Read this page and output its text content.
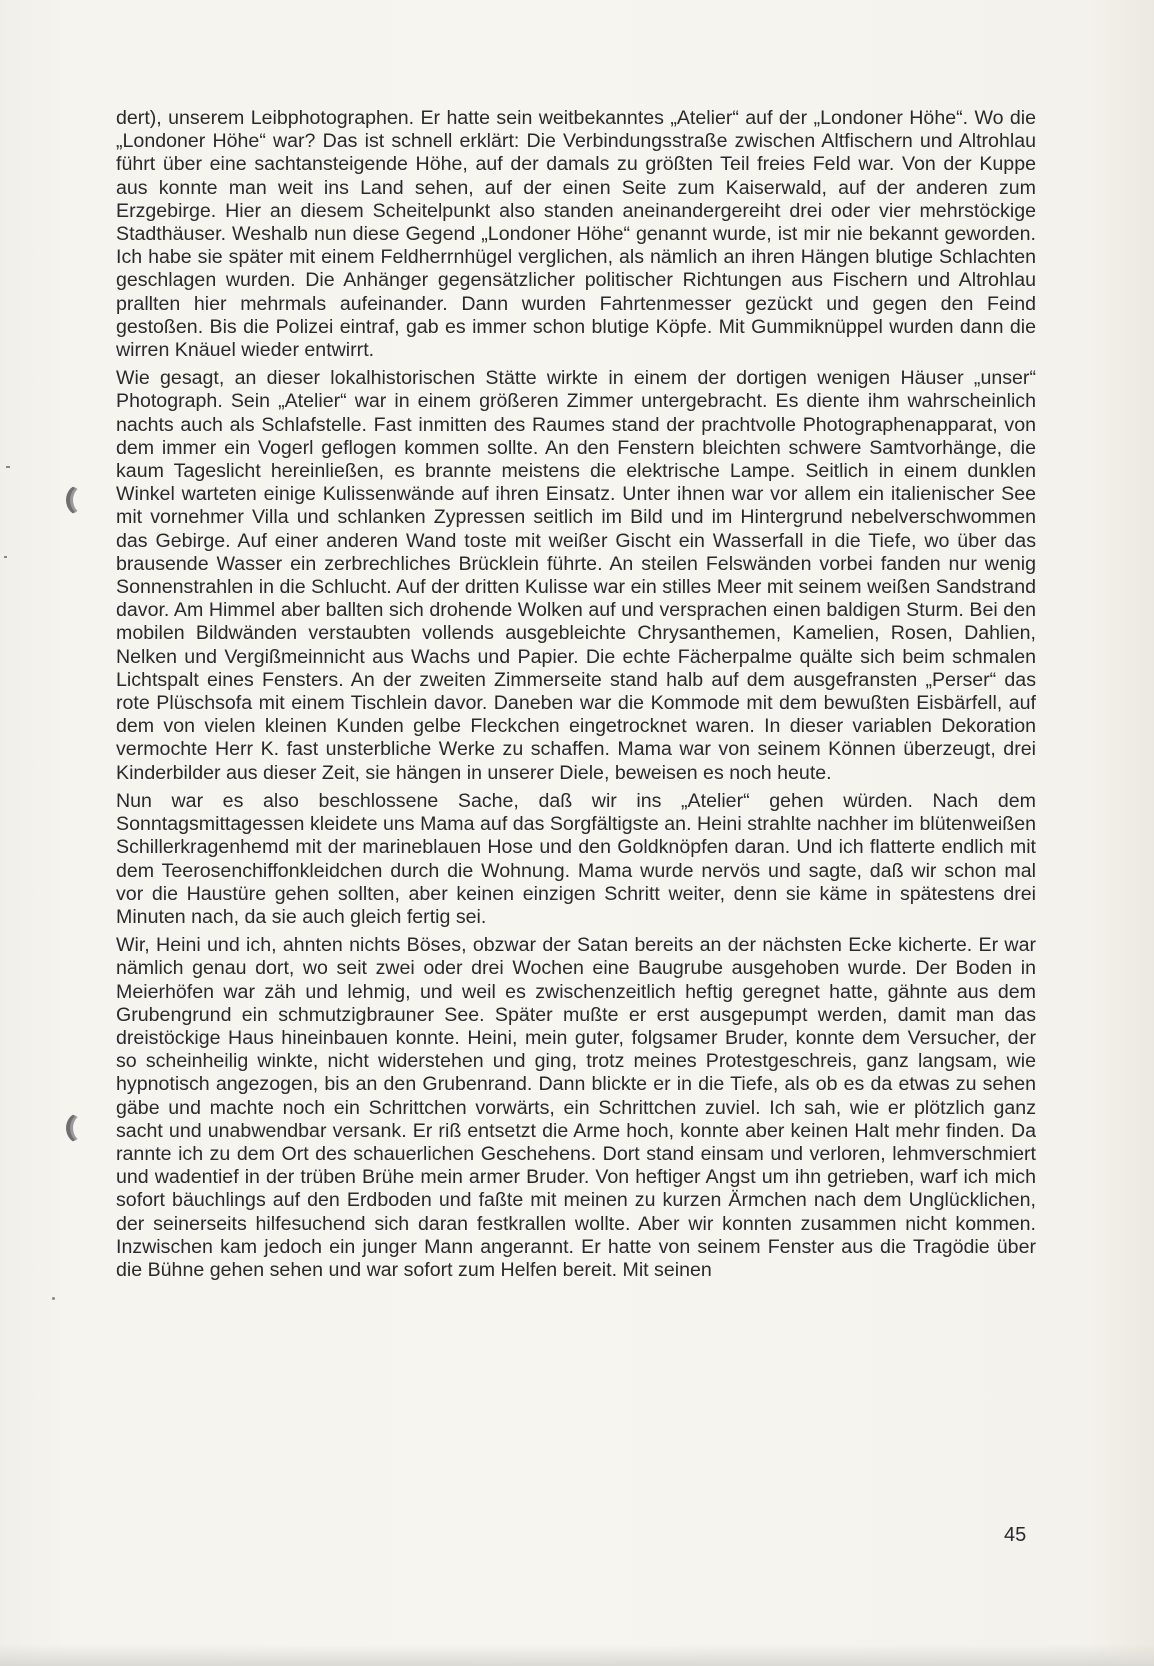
dert), unserem Leibphotographen. Er hatte sein weitbekanntes „Atelier“ auf der „Londoner Höhe“. Wo die „Londoner Höhe“ war? Das ist schnell erklärt: Die Verbindungsstraße zwischen Altfischern und Altrohlau führt über eine sachtansteigende Höhe, auf der damals zu größten Teil freies Feld war. Von der Kuppe aus konnte man weit ins Land sehen, auf der einen Seite zum Kaiserwald, auf der anderen zum Erzgebirge. Hier an diesem Scheitelpunkt also standen aneinandergereiht drei oder vier mehrstöckige Stadthäuser. Weshalb nun diese Gegend „Londoner Höhe“ genannt wurde, ist mir nie bekannt geworden. Ich habe sie später mit einem Feldherrnhügel verglichen, als nämlich an ihren Hängen blutige Schlachten geschlagen wurden. Die Anhänger gegensätzlicher politischer Richtungen aus Fischern und Altrohlau prallten hier mehrmals aufeinander. Dann wurden Fahrtenmesser gezückt und gegen den Feind gestoßen. Bis die Polizei eintraf, gab es immer schon blutige Köpfe. Mit Gummiknüppel wurden dann die wirren Knäuel wieder entwirrt.

Wie gesagt, an dieser lokalhistorischen Stätte wirkte in einem der dortigen wenigen Häuser „unser“ Photograph. Sein „Atelier“ war in einem größeren Zimmer untergebracht. Es diente ihm wahrscheinlich nachts auch als Schlafstelle. Fast inmitten des Raumes stand der prachtvolle Photographenapparat, von dem immer ein Vogerl geflogen kommen sollte. An den Fenstern bleichten schwere Samtvorhänge, die kaum Tageslicht hereinließen, es brannte meistens die elektrische Lampe. Seitlich in einem dunklen Winkel warteten einige Kulissenwände auf ihren Einsatz. Unter ihnen war vor allem ein italienischer See mit vornehmer Villa und schlanken Zypressen seitlich im Bild und im Hintergrund nebelverschwommen das Gebirge. Auf einer anderen Wand toste mit weißer Gischt ein Wasserfall in die Tiefe, wo über das brausende Wasser ein zerbrechliches Brücklein führte. An steilen Felswänden vorbei fanden nur wenig Sonnenstrahlen in die Schlucht. Auf der dritten Kulisse war ein stilles Meer mit seinem weißen Sandstrand davor. Am Himmel aber ballten sich drohende Wolken auf und versprachen einen baldigen Sturm. Bei den mobilen Bildwänden verstaubten vollends ausgebleichte Chrysanthemen, Kamelien, Rosen, Dahlien, Nelken und Vergißmeinnicht aus Wachs und Papier. Die echte Fächerpalme quälte sich beim schmalen Lichtspalt eines Fensters. An der zweiten Zimmerseite stand halb auf dem ausgefransten „Perser“ das rote Plüschsofa mit einem Tischlein davor. Daneben war die Kommode mit dem bewußten Eisbärfell, auf dem von vielen kleinen Kunden gelbe Fleckchen eingetrocknet waren. In dieser variablen Dekoration vermochte Herr K. fast unsterbliche Werke zu schaffen. Mama war von seinem Können überzeugt, drei Kinderbilder aus dieser Zeit, sie hängen in unserer Diele, beweisen es noch heute.

Nun war es also beschlossene Sache, daß wir ins „Atelier“ gehen würden. Nach dem Sonntagsmittagessen kleidete uns Mama auf das Sorgfältigste an. Heini strahlte nachher im blütenweißen Schillerkragenhemd mit der marineblauen Hose und den Goldknöpfen daran. Und ich flatterte endlich mit dem Teerosenchiffonkleidchen durch die Wohnung. Mama wurde nervös und sagte, daß wir schon mal vor die Haustüre gehen sollten, aber keinen einzigen Schritt weiter, denn sie käme in spätestens drei Minuten nach, da sie auch gleich fertig sei.

Wir, Heini und ich, ahnten nichts Böses, obzwar der Satan bereits an der nächsten Ecke kicherte. Er war nämlich genau dort, wo seit zwei oder drei Wochen eine Baugrube ausgehoben wurde. Der Boden in Meierhöfen war zäh und lehmig, und weil es zwischenzeitlich heftig geregnet hatte, gähnte aus dem Grubengrund ein schmutzigbrauner See. Später mußte er erst ausgepumpt werden, damit man das dreistöckige Haus hineinbauen konnte. Heini, mein guter, folgsamer Bruder, konnte dem Versucher, der so scheinheilig winkte, nicht widerstehen und ging, trotz meines Protestgeschreis, ganz langsam, wie hypnotisch angezogen, bis an den Grubenrand. Dann blickte er in die Tiefe, als ob es da etwas zu sehen gäbe und machte noch ein Schrittchen vorwärts, ein Schrittchen zuviel. Ich sah, wie er plötzlich ganz sacht und unabwendbar versank. Er riß entsetzt die Arme hoch, konnte aber keinen Halt mehr finden. Da rannte ich zu dem Ort des schauerlichen Geschehens. Dort stand einsam und verloren, lehmverschmiert und wadentief in der trüben Brühe mein armer Bruder. Von heftiger Angst um ihn getrieben, warf ich mich sofort bäuchlings auf den Erdboden und faßte mit meinen zu kurzen Ärmchen nach dem Unglücklichen, der seinerseits hilfesuchend sich daran festkrallen wollte. Aber wir konnten zusammen nicht kommen. Inzwischen kam jedoch ein junger Mann angerannt. Er hatte von seinem Fenster aus die Tragödie über die Bühne gehen sehen und war sofort zum Helfen bereit. Mit seinen

45
